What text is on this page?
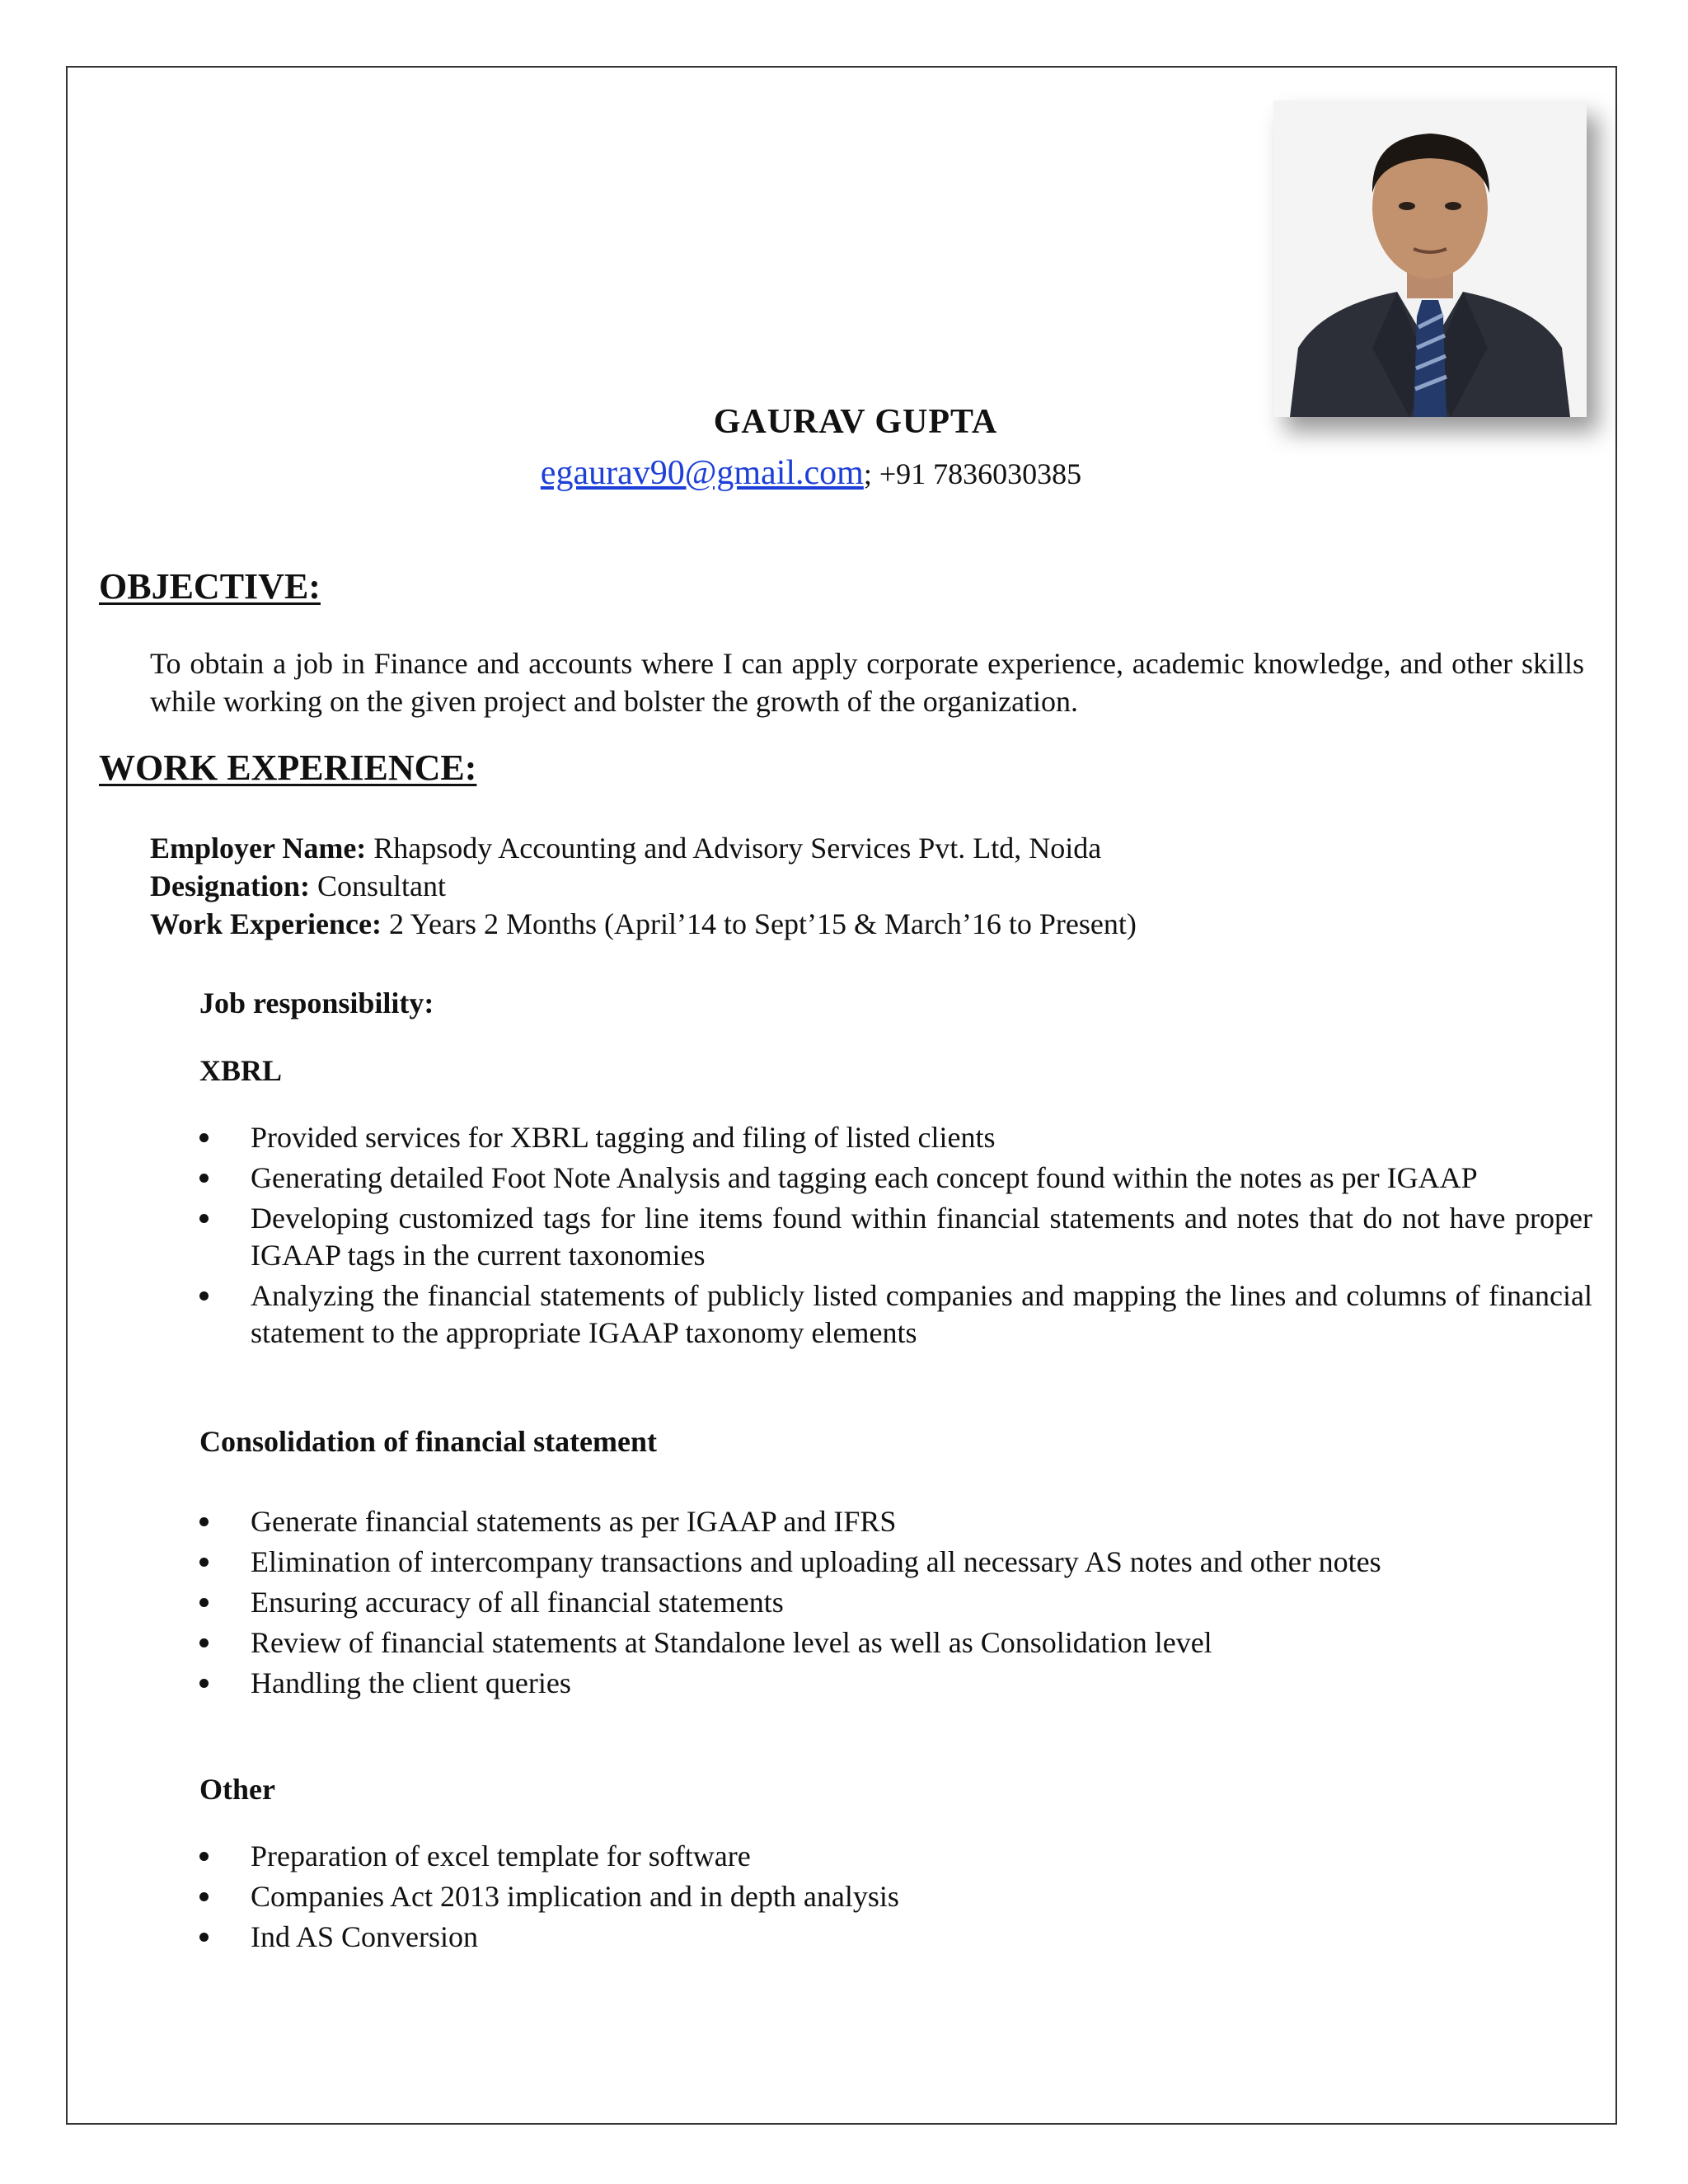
GAURAV GUPTA
egaurav90@gmail.com; +91 7836030385
OBJECTIVE:
To obtain a job in Finance and accounts where I can apply corporate experience, academic knowledge, and other skills while working on the given project and bolster the growth of the organization.
WORK EXPERIENCE:
Employer Name: Rhapsody Accounting and Advisory Services Pvt. Ltd, Noida
Designation: Consultant
Work Experience: 2 Years 2 Months (April’14 to Sept’15 & March’16 to Present)
Job responsibility:
XBRL
Provided services for XBRL tagging and filing of listed clients
Generating detailed Foot Note Analysis and tagging each concept found within the notes as per IGAAP
Developing customized tags for line items found within financial statements and notes that do not have proper IGAAP tags in the current taxonomies
Analyzing the financial statements of publicly listed companies and mapping the lines and columns of financial statement to the appropriate IGAAP taxonomy elements
Consolidation of financial statement
Generate financial statements as per IGAAP and IFRS
Elimination of intercompany transactions and uploading all necessary AS notes and other notes
Ensuring accuracy of all financial statements
Review of financial statements at Standalone level as well as Consolidation level
Handling the client queries
Other
Preparation of excel template for software
Companies Act 2013 implication and in depth analysis
Ind AS Conversion
